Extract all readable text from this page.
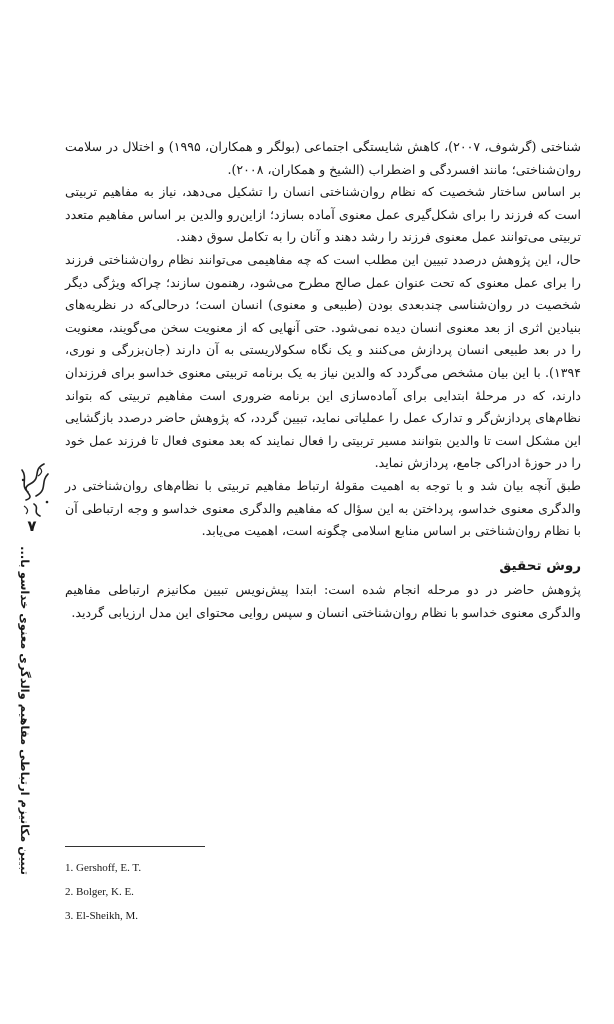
شناختی (گرشوف، ۲۰۰۷)، کاهش شایستگی اجتماعی (بولگر و همکاران، ۱۹۹۵) و اختلال در سلامت روان‌شناختی؛ مانند افسردگی و اضطراب (الشیخ و همکاران، ۲۰۰۸).

بر اساس ساختار شخصیت که نظام روان‌شناختی انسان را تشکیل می‌دهد، نیاز به مفاهیم تربیتی است که فرزند را برای شکل‌گیری عمل معنوی آماده بسازد؛ ازاین‌رو والدین بر اساس مفاهیم متعدد تربیتی می‌توانند عمل معنوی فرزند را رشد دهند و آنان را به تکامل سوق دهند.

حال، این پژوهش درصدد تبیین این مطلب است که چه مفاهیمی می‌توانند نظام روان‌شناختی فرزند را برای عمل معنوی که تحت عنوان عمل صالح مطرح می‌شود، رهنمون سازند؛ چراکه ویژگی دیگر شخصیت در روان‌شناسی چندبعدی بودن (طبیعی و معنوی) انسان است؛ درحالی‌که در نظریه‌های بنیادین اثری از بعد معنوی انسان دیده نمی‌شود. حتی آنهایی که از معنویت سخن می‌گویند، معنویت را در بعد طبیعی انسان پردازش می‌کنند و یک نگاه سکولاریستی به آن دارند (جان‌بزرگی و نوری، ۱۳۹۴). با این بیان مشخص می‌گردد که والدین نیاز به یک برنامه تربیتی معنوی خداسو برای فرزندان دارند، که در مرحلهٔ ابتدایی برای آماده‌سازی این برنامه ضروری است مفاهیم تربیتی که بتواند نظام‌های پردازش‌گر و تدارک عمل را عملیاتی نماید، تبیین گردد، که پژوهش حاضر درصدد بازگشایی این مشکل است تا والدین بتوانند مسیر تربیتی را فعال نمایند که بعد معنوی فعال تا فرزند عمل خود را در حوزهٔ ادراکی جامع، پردازش نماید.

طبق آنچه بیان شد و با توجه به اهمیت مقولهٔ ارتباط مفاهیم تربیتی با نظام‌های روان‌شناختی در والدگری معنوی خداسو، پرداختن به این سؤال که مفاهیم والدگری معنوی خداسو و وجه ارتباطی آن با نظام روان‌شناختی بر اساس منابع اسلامی چگونه است، اهمیت می‌یابد.

روش تحقیق

پژوهش حاضر در دو مرحله انجام شده است: ابتدا پیش‌نویس تبیین مکانیزم ارتباطی مفاهیم والدگری معنوی خداسو با نظام روان‌شناختی انسان و سپس روایی محتوای این مدل ارزیابی گردید.

1. Gershoff, E. T.
2. Bolger, K. E.
3. El-Sheikh, M.
۷
تبیین مکانیزم ارتباطی مفاهیم والدگری معنوی خداسو با...
